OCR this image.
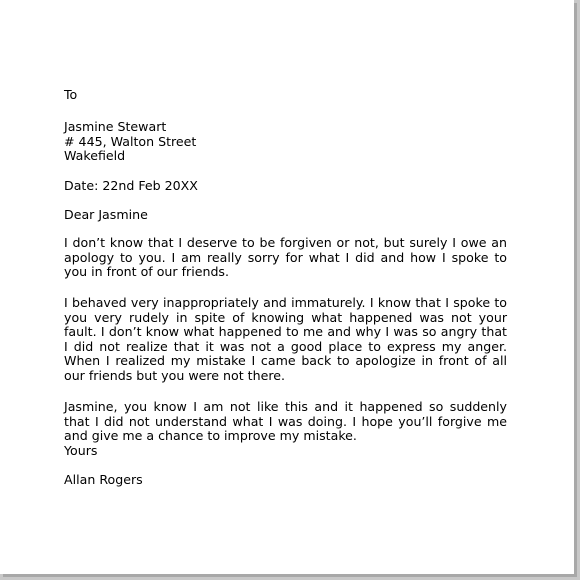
To
Jasmine Stewart
# 445, Walton Street
Wakefield
Date: 22nd Feb 20XX
Dear Jasmine
I don’t know that I deserve to be forgiven or not, but surely I owe an
apology to you. I am really sorry for what I did and how I spoke to
you in front of our friends.
I behaved very inappropriately and immaturely. I know that I spoke to
you very rudely in spite of knowing what happened was not your
fault. I don’t know what happened to me and why I was so angry that
I did not realize that it was not a good place to express my anger.
When I realized my mistake I came back to apologize in front of all
our friends but you were not there.
Jasmine, you know I am not like this and it happened so suddenly
that I did not understand what I was doing. I hope you’ll forgive me
and give me a chance to improve my mistake.
Yours
Allan Rogers
